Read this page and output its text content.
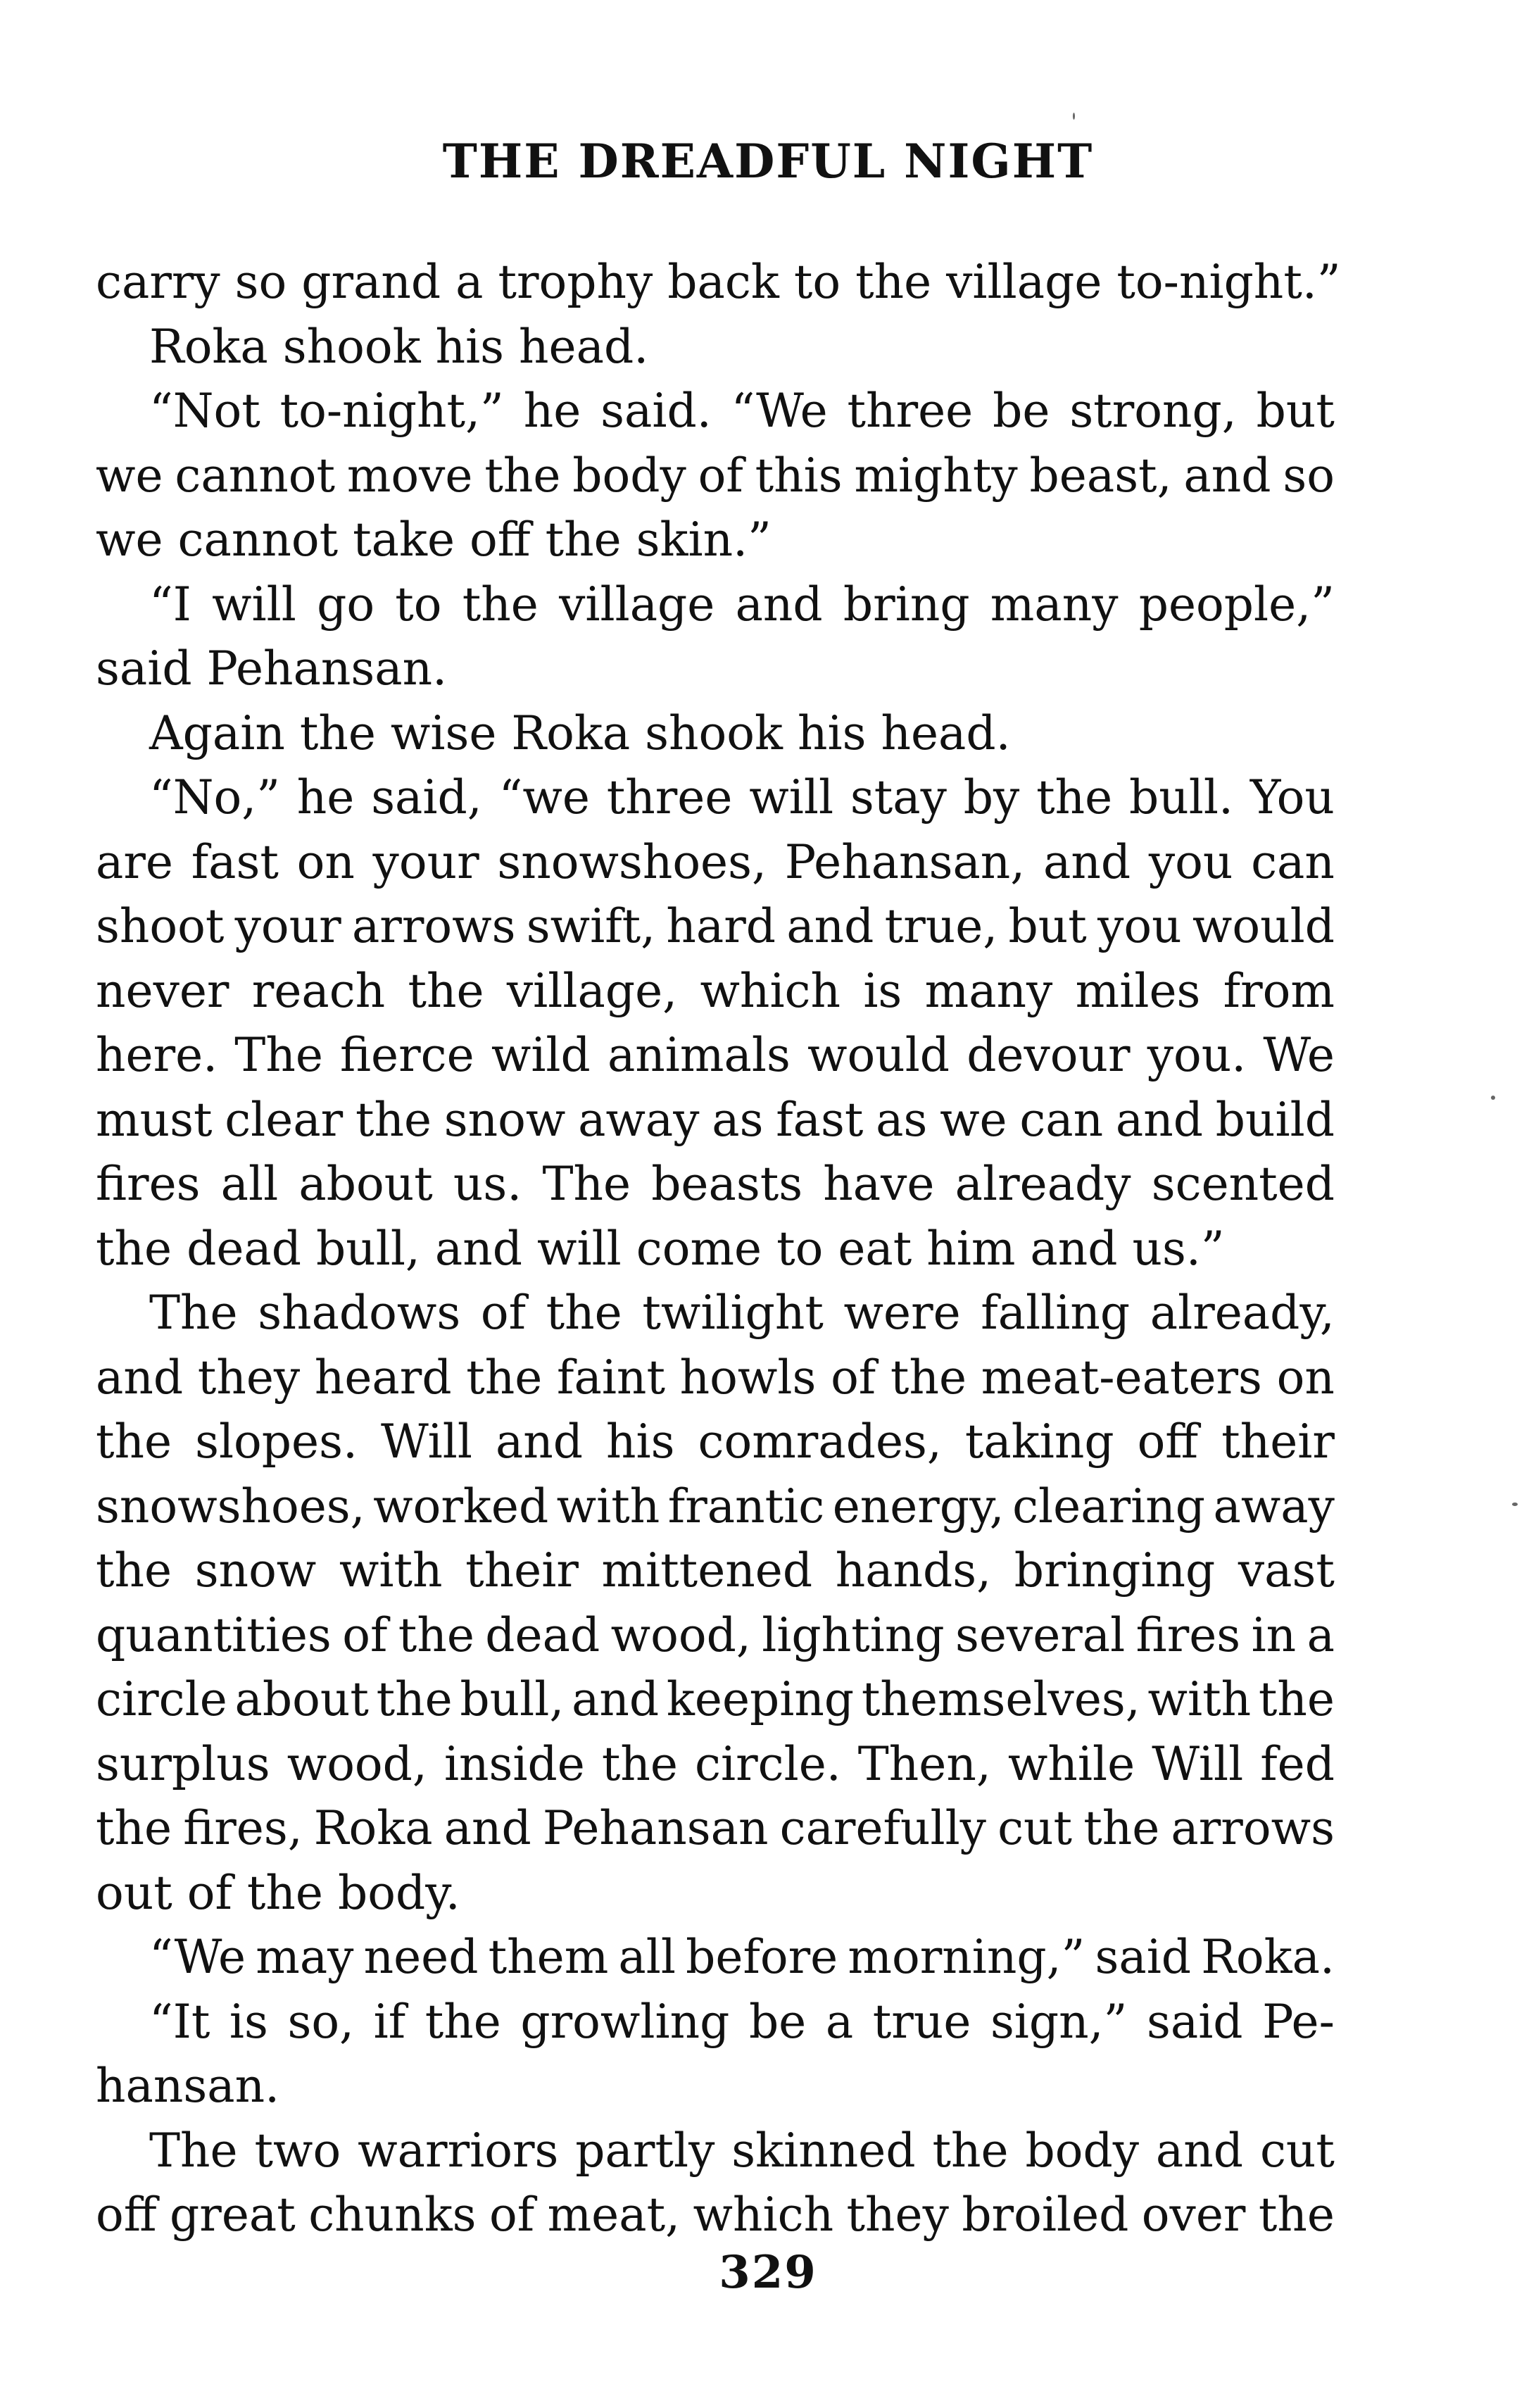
THE DREADFUL NIGHT
carry so grand a trophy back to the village to-night.”
Roka shook his head.
“Not to-night,” he said. “We three be strong, but
we cannot move the body of this mighty beast, and so
we cannot take off the skin.”
“I will go to the village and bring many people,”
said Pehansan.
Again the wise Roka shook his head.
“No,” he said, “we three will stay by the bull. You
are fast on your snowshoes, Pehansan, and you can
shoot your arrows swift, hard and true, but you would
never reach the village, which is many miles from
here. The fierce wild animals would devour you. We
must clear the snow away as fast as we can and build
fires all about us. The beasts have already scented
the dead bull, and will come to eat him and us.”
The shadows of the twilight were falling already,
and they heard the faint howls of the meat-eaters on
the slopes. Will and his comrades, taking off their
snowshoes, worked with frantic energy, clearing away
the snow with their mittened hands, bringing vast
quantities of the dead wood, lighting several fires in a
circle about the bull, and keeping themselves, with the
surplus wood, inside the circle. Then, while Will fed
the fires, Roka and Pehansan carefully cut the arrows
out of the body.
“We may need them all before morning,” said Roka.
“It is so, if the growling be a true sign,” said Pe-
hansan.
The two warriors partly skinned the body and cut
off great chunks of meat, which they broiled over the
329
